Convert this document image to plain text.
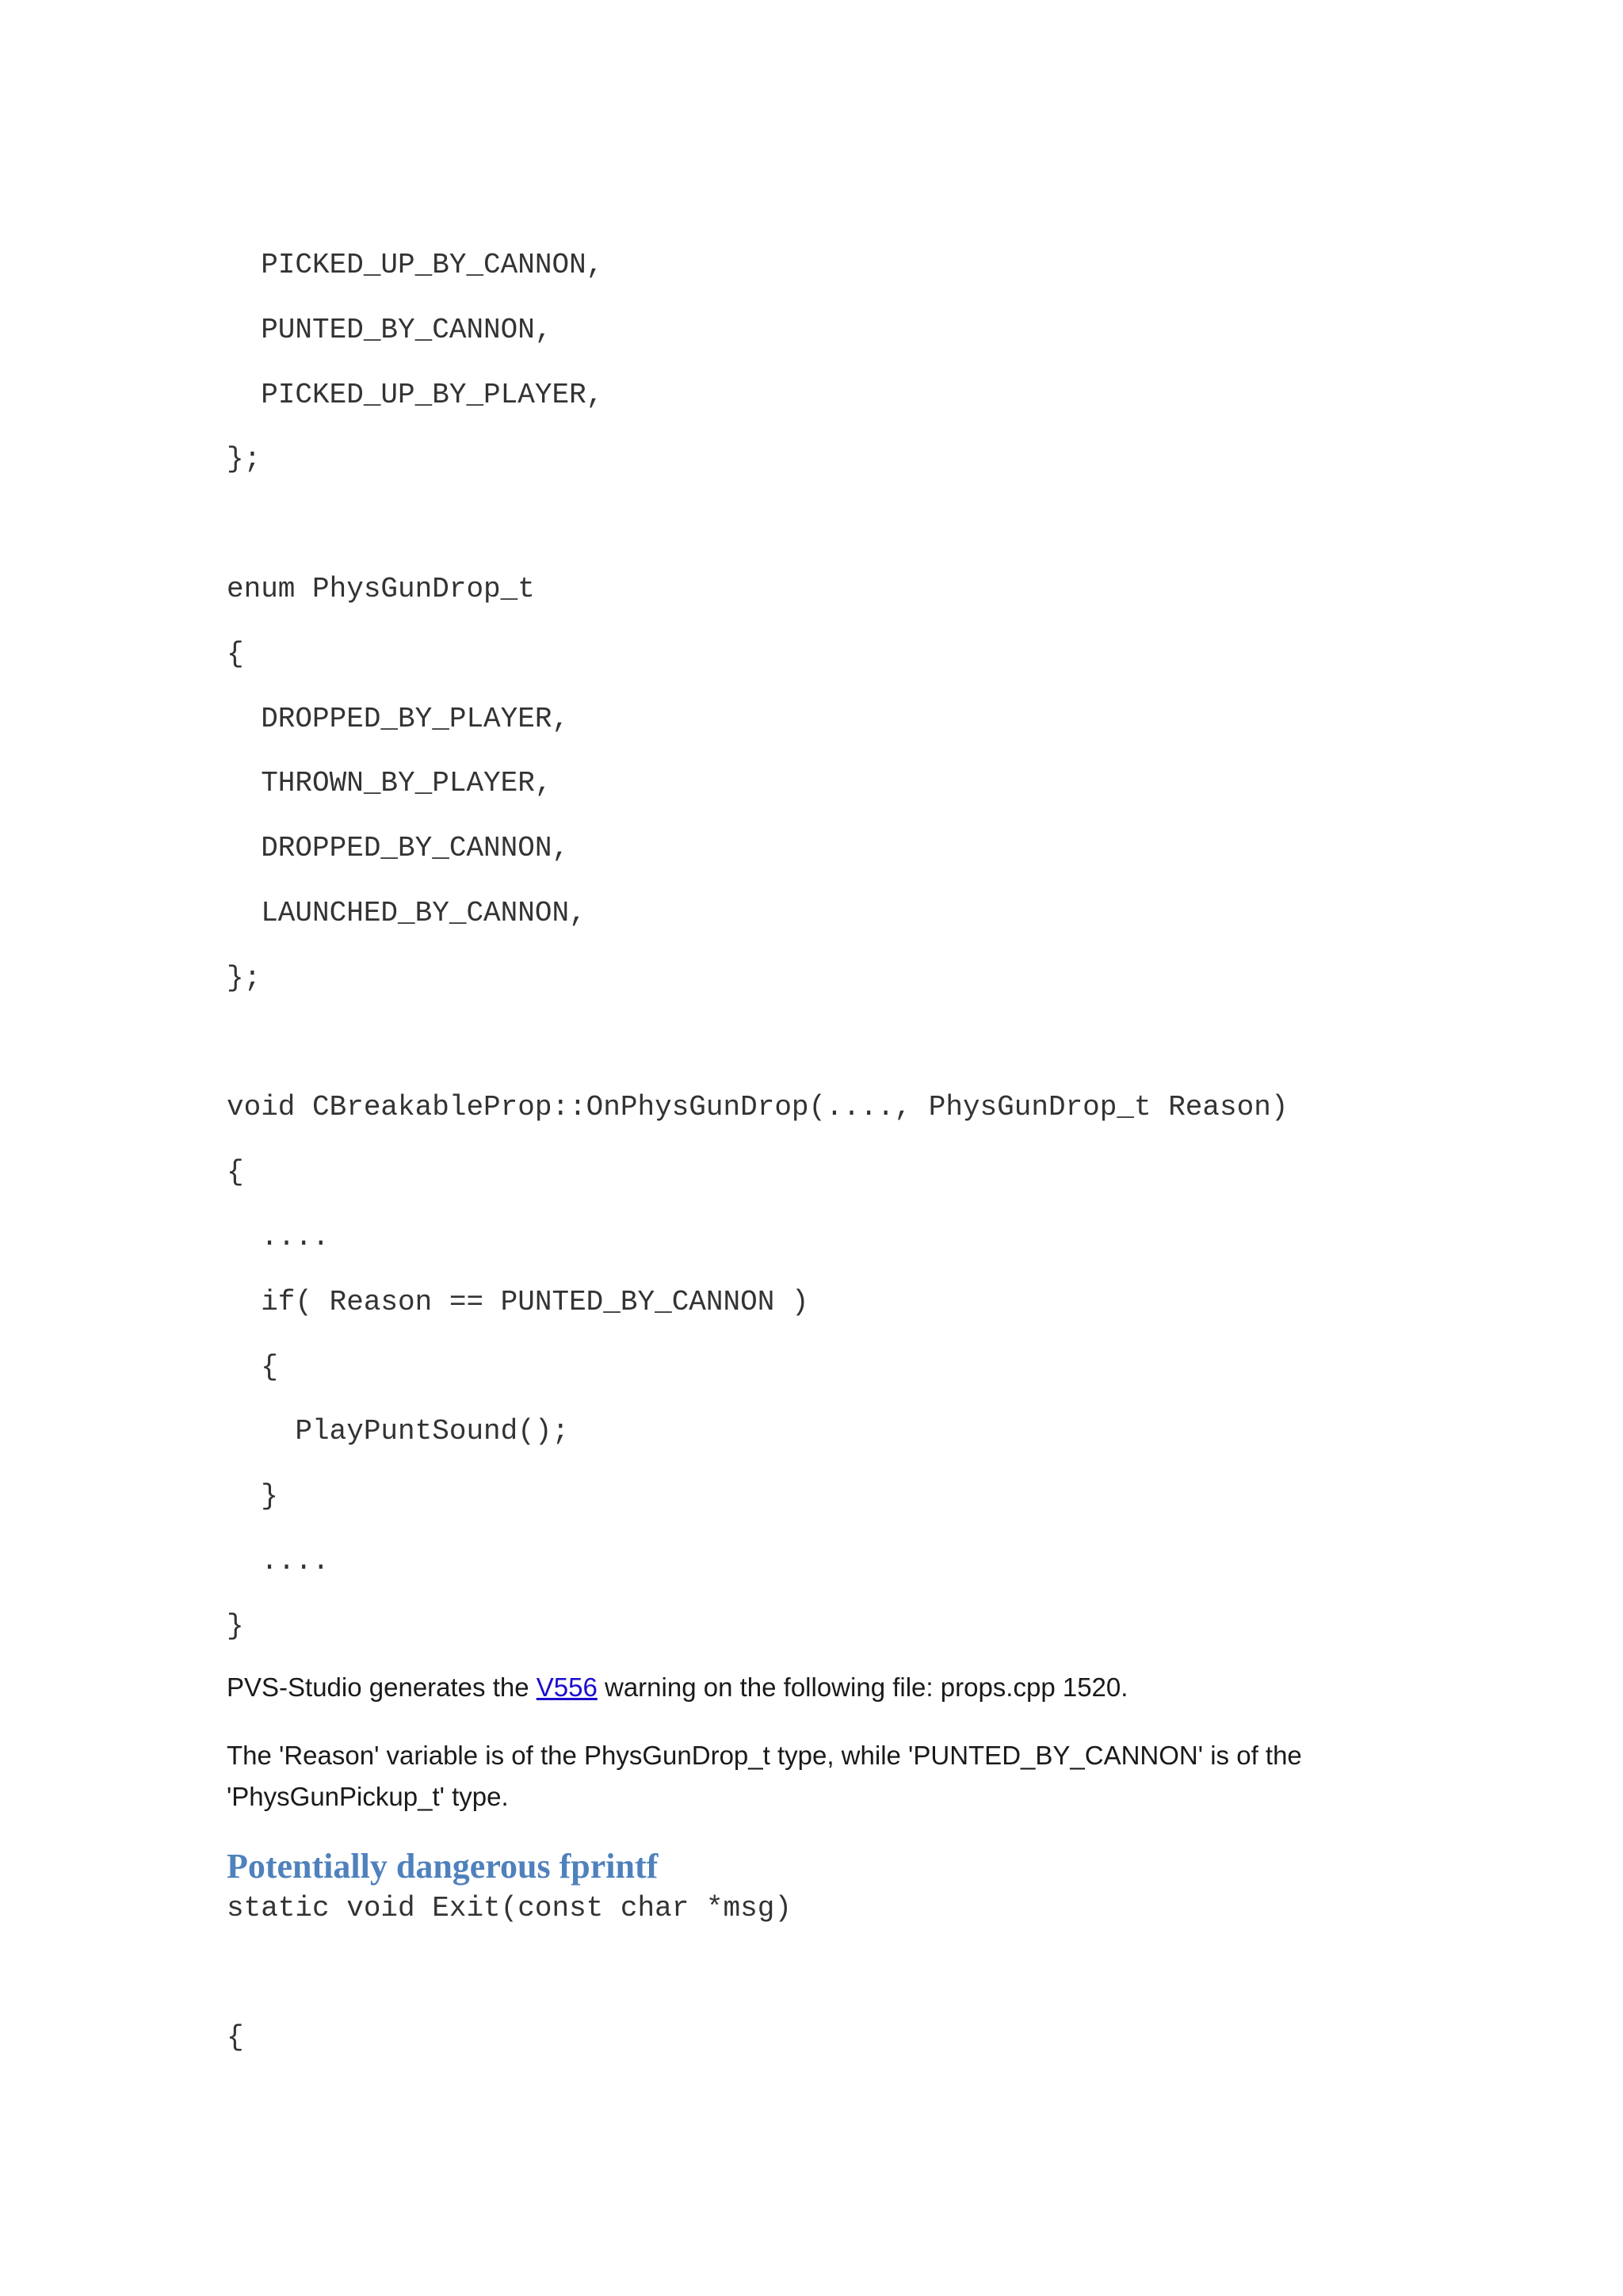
PICKED_UP_BY_CANNON,
PUNTED_BY_CANNON,
PICKED_UP_BY_PLAYER,
};
enum PhysGunDrop_t
{
DROPPED_BY_PLAYER,
THROWN_BY_PLAYER,
DROPPED_BY_CANNON,
LAUNCHED_BY_CANNON,
};
void CBreakableProp::OnPhysGunDrop(...., PhysGunDrop_t Reason)
{
....
if( Reason == PUNTED_BY_CANNON )
{
PlayPuntSound();
}
....
}

PVS-Studio generates the V556 warning on the following file: props.cpp 1520.

The 'Reason' variable is of the PhysGunDrop_t type, while 'PUNTED_BY_CANNON' is of the 'PhysGunPickup_t' type.

Potentially dangerous fprintf
static void Exit(const char *msg)
{
